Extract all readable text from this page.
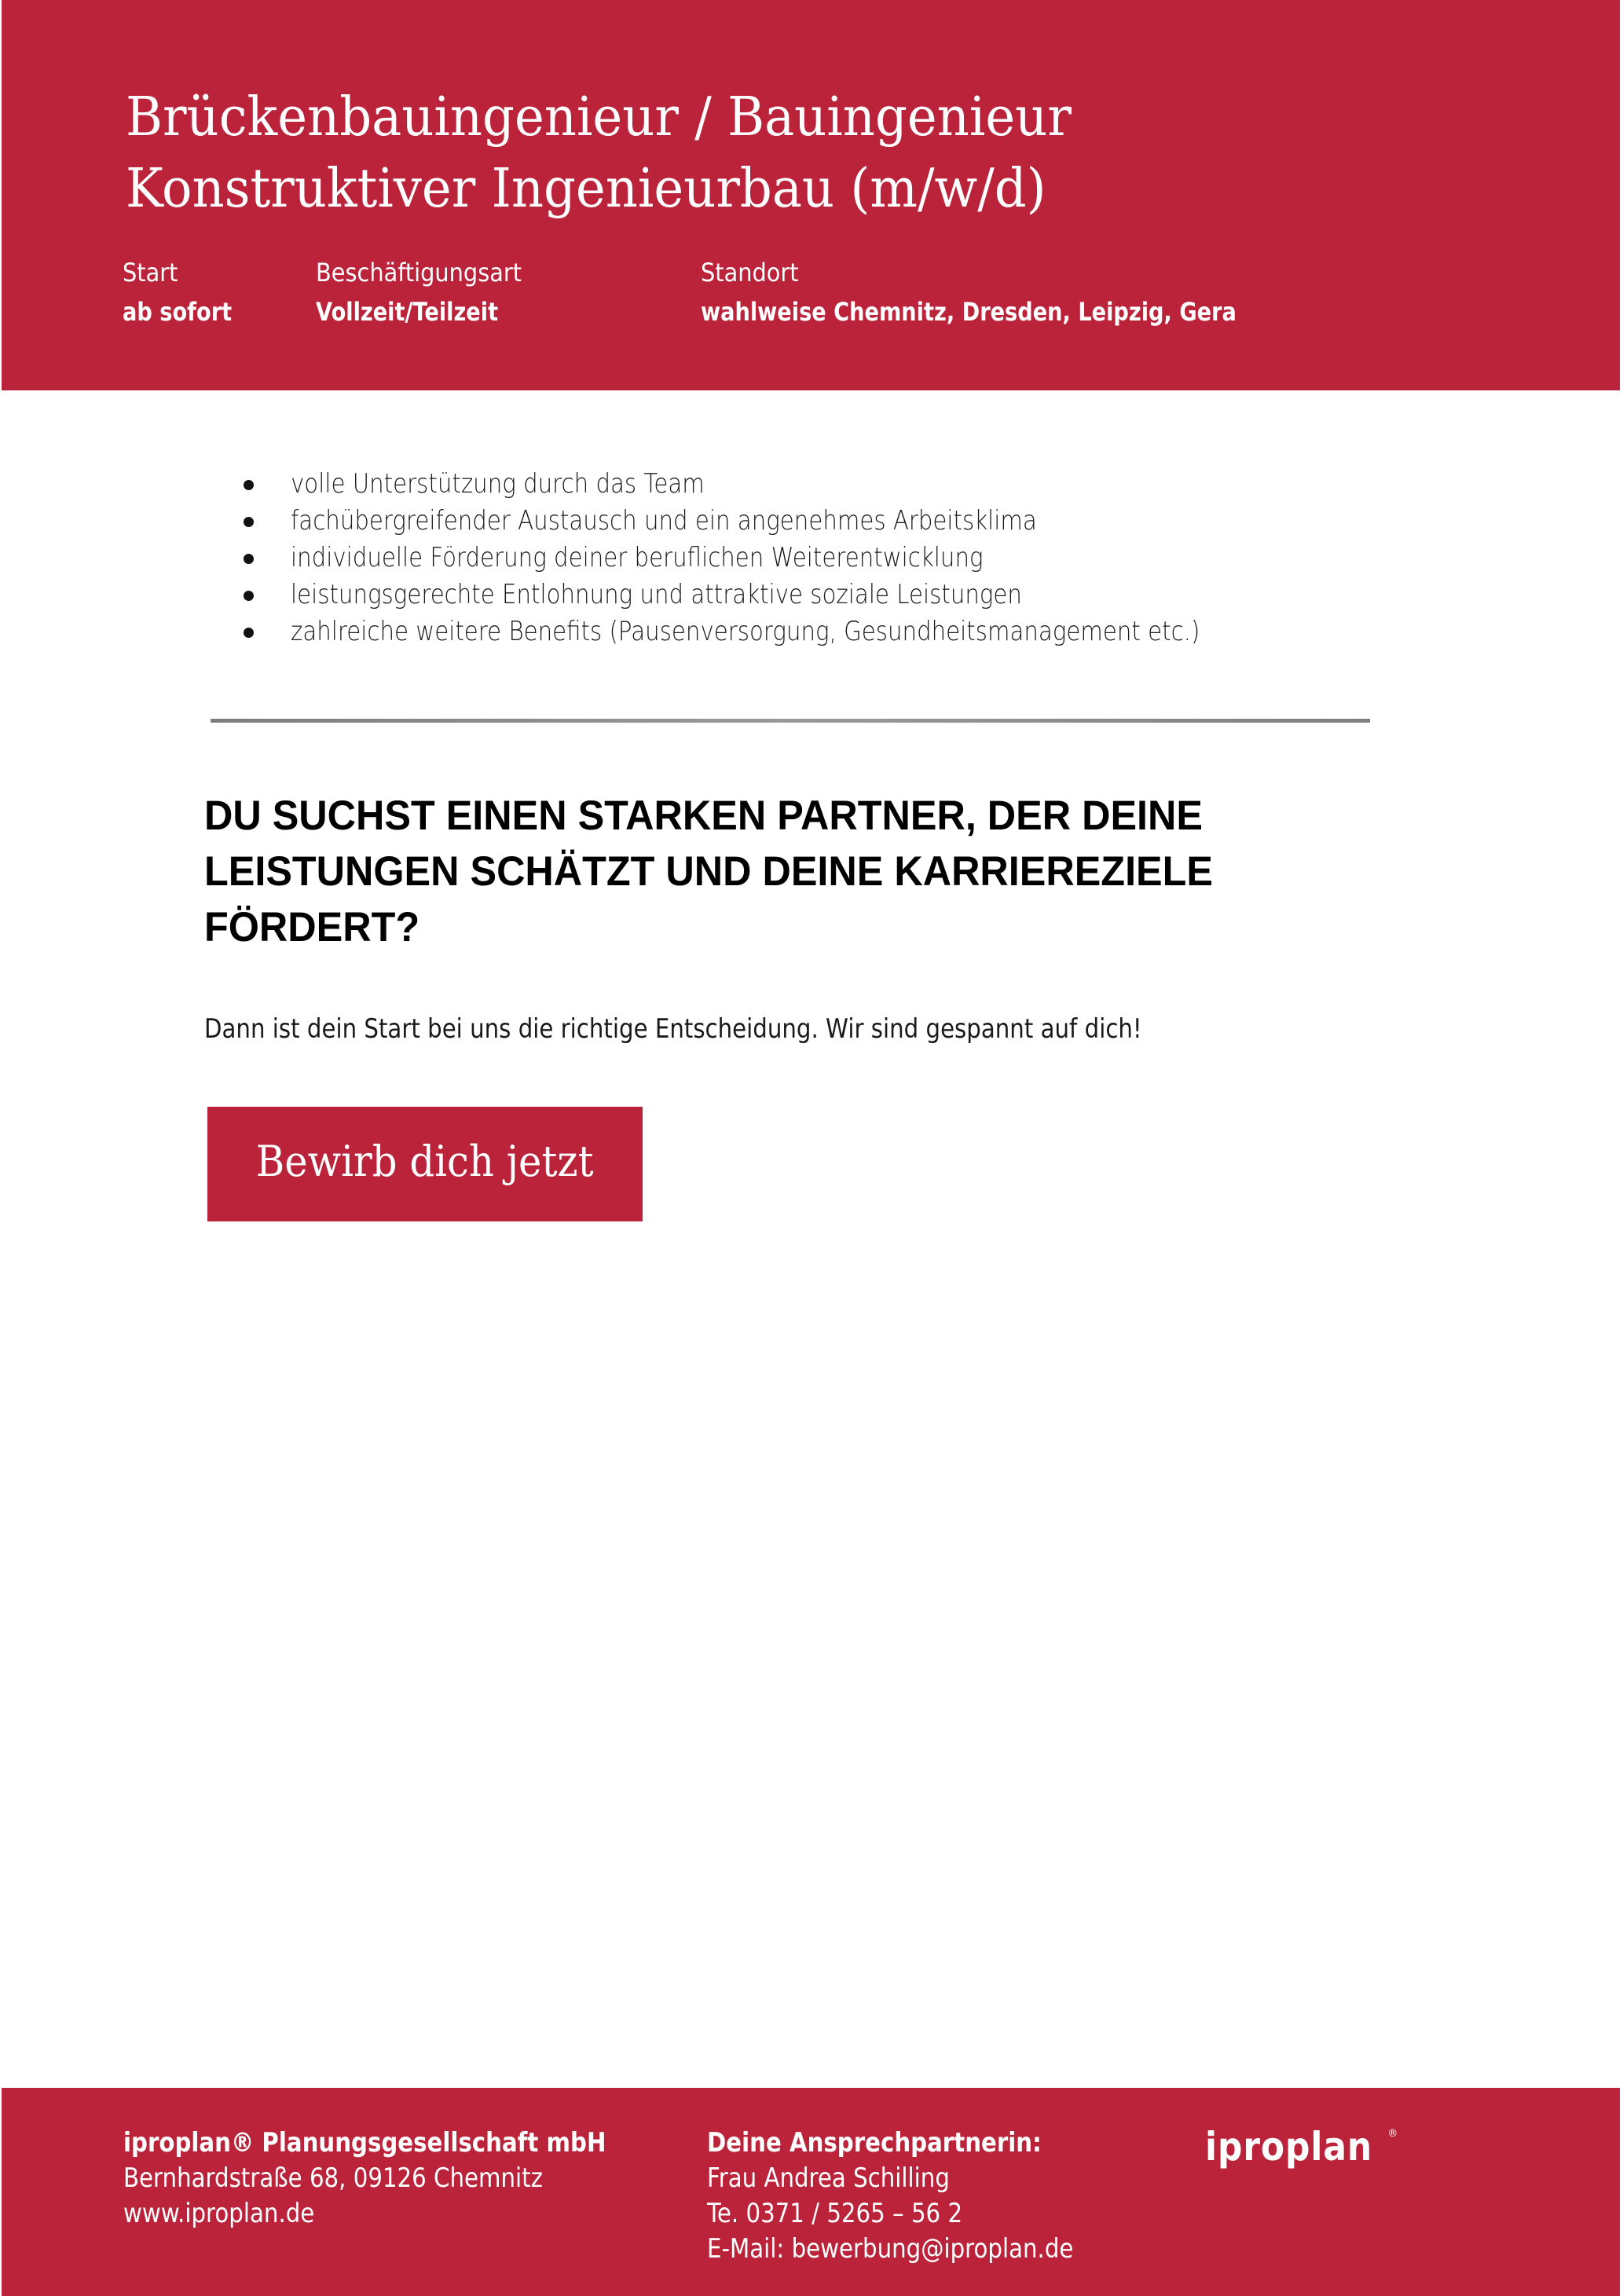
Brückenbauingenieur / Bauingenieur
Konstruktiver Ingenieurbau (m/w/d)
Start
ab sofort
Beschäftigungsart
Vollzeit/Teilzeit
Standort
wahlweise Chemnitz, Dresden, Leipzig, Gera
volle Unterstützung durch das Team
fachübergreifender Austausch und ein angenehmes Arbeitsklima
individuelle Förderung deiner beruflichen Weiterentwicklung
leistungsgerechte Entlohnung und attraktive soziale Leistungen
zahlreiche weitere Benefits (Pausenversorgung, Gesundheitsmanagement etc.)
DU SUCHST EINEN STARKEN PARTNER, DER DEINE
LEISTUNGEN SCHÄTZT UND DEINE KARRIEREZIELE
FÖRDERT?

Dann ist dein Start bei uns die richtige Entscheidung. Wir sind gespannt auf dich!

Bewirb dich jetzt
iproplan® Planungsgesellschaft mbH
Bernhardstraße 68, 09126 Chemnitz
www.iproplan.de
Deine Ansprechpartnerin:
Frau Andrea Schilling
Te. 0371 / 5265 – 56 2
E-Mail: bewerbung@iproplan.de
iproplan ®
